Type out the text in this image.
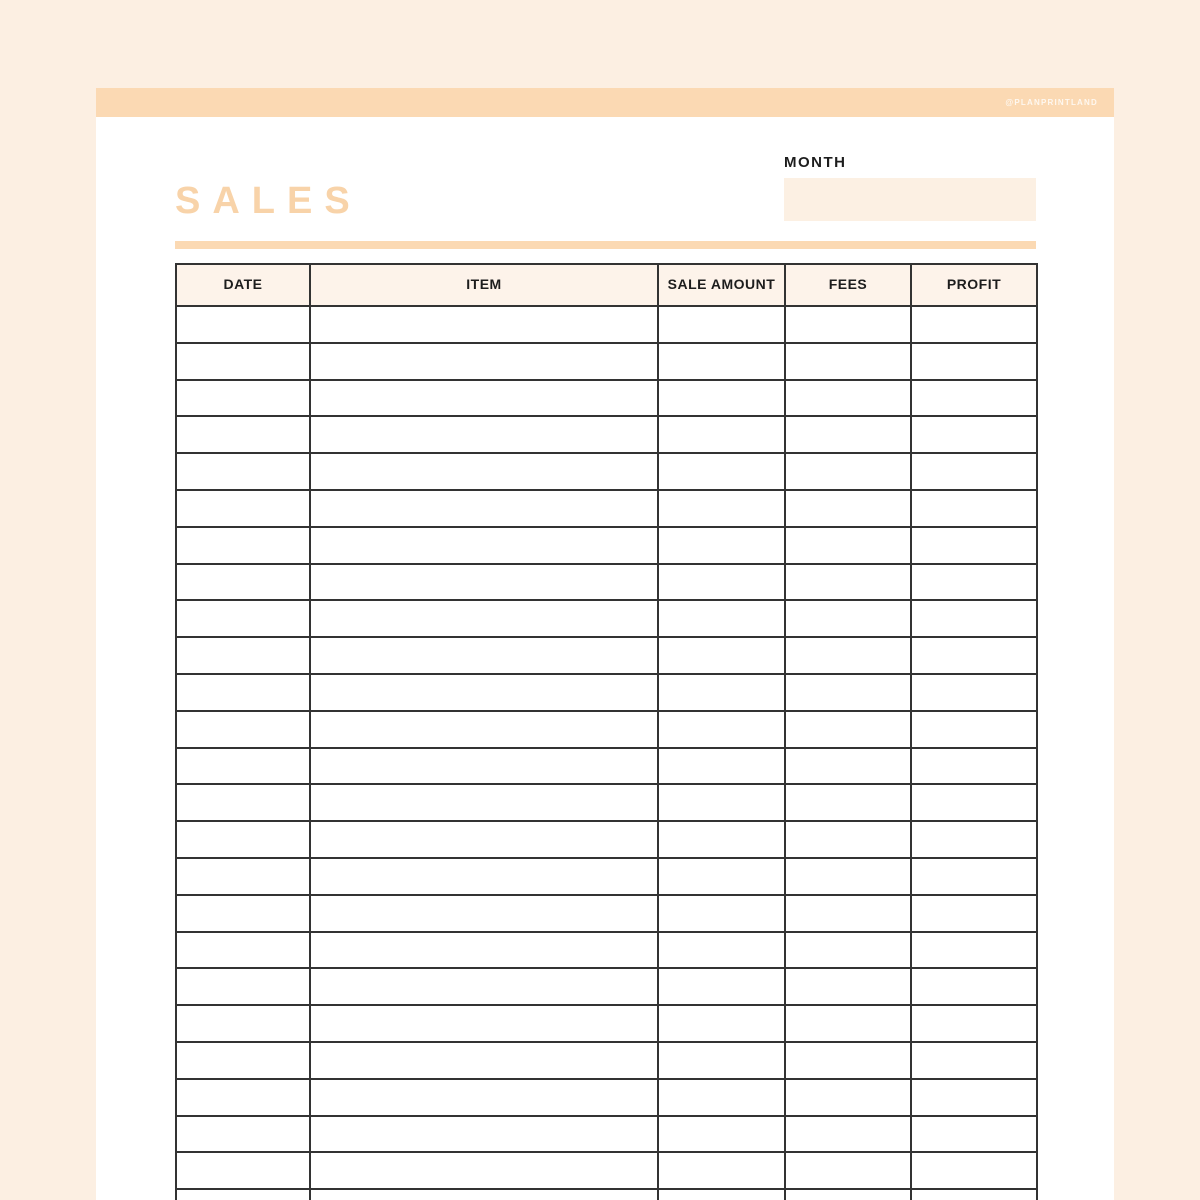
@PLANPRINTLAND
SALES
MONTH
DATE	ITEM	SALE AMOUNT	FEES	PROFIT
